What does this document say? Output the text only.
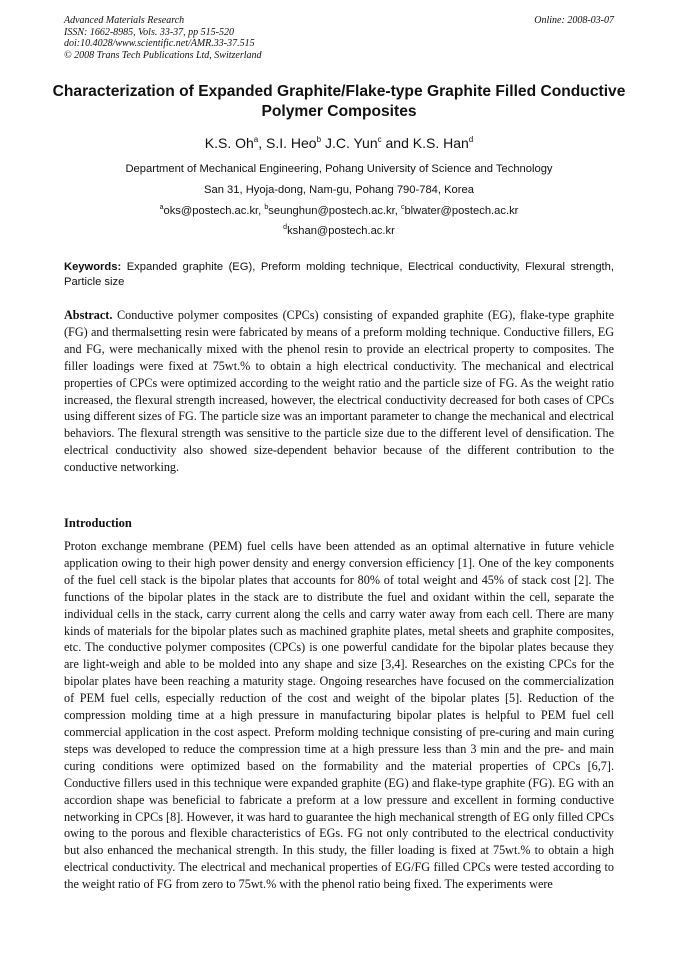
Advanced Materials Research
ISSN: 1662-8985, Vols. 33-37, pp 515-520
doi:10.4028/www.scientific.net/AMR.33-37.515
© 2008 Trans Tech Publications Ltd, Switzerland
Online: 2008-03-07
Characterization of Expanded Graphite/Flake-type Graphite Filled Conductive Polymer Composites
K.S. Oh$^a$, S.I. Heo$^b$ J.C. Yun$^c$ and K.S. Han$^d$
Department of Mechanical Engineering, Pohang University of Science and Technology
San 31, Hyoja-dong, Nam-gu, Pohang 790-784, Korea
$^a$oks@postech.ac.kr, $^b$seunghun@postech.ac.kr, $^c$blwater@postech.ac.kr
$^d$kshan@postech.ac.kr
Keywords: Expanded graphite (EG), Preform molding technique, Electrical conductivity, Flexural strength, Particle size
Abstract. Conductive polymer composites (CPCs) consisting of expanded graphite (EG), flake-type graphite (FG) and thermalsetting resin were fabricated by means of a preform molding technique. Conductive fillers, EG and FG, were mechanically mixed with the phenol resin to provide an electrical property to composites. The filler loadings were fixed at 75wt.% to obtain a high electrical conductivity. The mechanical and electrical properties of CPCs were optimized according to the weight ratio and the particle size of FG. As the weight ratio increased, the flexural strength increased, however, the electrical conductivity decreased for both cases of CPCs using different sizes of FG. The particle size was an important parameter to change the mechanical and electrical behaviors. The flexural strength was sensitive to the particle size due to the different level of densification. The electrical conductivity also showed size-dependent behavior because of the different contribution to the conductive networking.
Introduction
Proton exchange membrane (PEM) fuel cells have been attended as an optimal alternative in future vehicle application owing to their high power density and energy conversion efficiency [1]. One of the key components of the fuel cell stack is the bipolar plates that accounts for 80% of total weight and 45% of stack cost [2]. The functions of the bipolar plates in the stack are to distribute the fuel and oxidant within the cell, separate the individual cells in the stack, carry current along the cells and carry water away from each cell. There are many kinds of materials for the bipolar plates such as machined graphite plates, metal sheets and graphite composites, etc. The conductive polymer composites (CPCs) is one powerful candidate for the bipolar plates because they are light-weigh and able to be molded into any shape and size [3,4]. Researches on the existing CPCs for the bipolar plates have been reaching a maturity stage. Ongoing researches have focused on the commercialization of PEM fuel cells, especially reduction of the cost and weight of the bipolar plates [5]. Reduction of the compression molding time at a high pressure in manufacturing bipolar plates is helpful to PEM fuel cell commercial application in the cost aspect. Preform molding technique consisting of pre-curing and main curing steps was developed to reduce the compression time at a high pressure less than 3 min and the pre- and main curing conditions were optimized based on the formability and the material properties of CPCs [6,7]. Conductive fillers used in this technique were expanded graphite (EG) and flake-type graphite (FG). EG with an accordion shape was beneficial to fabricate a preform at a low pressure and excellent in forming conductive networking in CPCs [8]. However, it was hard to guarantee the high mechanical strength of EG only filled CPCs owing to the porous and flexible characteristics of EGs. FG not only contributed to the electrical conductivity but also enhanced the mechanical strength. In this study, the filler loading is fixed at 75wt.% to obtain a high electrical conductivity. The electrical and mechanical properties of EG/FG filled CPCs were tested according to the weight ratio of FG from zero to 75wt.% with the phenol ratio being fixed. The experiments were
